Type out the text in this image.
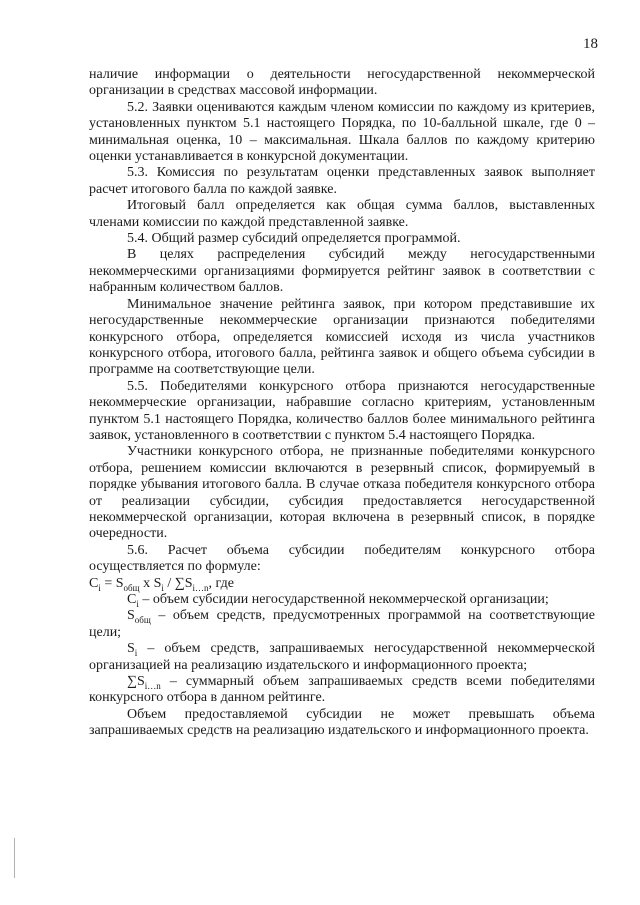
18

наличие информации о деятельности негосударственной некоммерческой организации в средствах массовой информации.

5.2. Заявки оцениваются каждым членом комиссии по каждому из критериев, установленных пунктом 5.1 настоящего Порядка, по 10-балльной шкале, где 0 – минимальная оценка, 10 – максимальная. Шкала баллов по каждому критерию оценки устанавливается в конкурсной документации.

5.3. Комиссия по результатам оценки представленных заявок выполняет расчет итогового балла по каждой заявке.

Итоговый балл определяется как общая сумма баллов, выставленных членами комиссии по каждой представленной заявке.

5.4. Общий размер субсидий определяется программой.

В целях распределения субсидий между негосударственными некоммерческими организациями формируется рейтинг заявок в соответствии с набранным количеством баллов.

Минимальное значение рейтинга заявок, при котором представившие их негосударственные некоммерческие организации признаются победителями конкурсного отбора, определяется комиссией исходя из числа участников конкурсного отбора, итогового балла, рейтинга заявок и общего объема субсидии в программе на соответствующие цели.

5.5. Победителями конкурсного отбора признаются негосударственные некоммерческие организации, набравшие согласно критериям, установленным пунктом 5.1 настоящего Порядка, количество баллов более минимального рейтинга заявок, установленного в соответствии с пунктом 5.4 настоящего Порядка.

Участники конкурсного отбора, не признанные победителями конкурсного отбора, решением комиссии включаются в резервный список, формируемый в порядке убывания итогового балла. В случае отказа победителя конкурсного отбора от реализации субсидии, субсидия предоставляется негосударственной некоммерческой организации, которая включена в резервный список, в порядке очередности.

5.6. Расчет объема субсидии победителям конкурсного отбора осуществляется по формуле:

$C_i = S_{общ}$ х $S_i / \sum S_{i\dots n}$, где

$C_i$ – объем субсидии негосударственной некоммерческой организации;

$S_{общ}$ – объем средств, предусмотренных программой на соответствующие цели;

$S_i$ – объем средств, запрашиваемых негосударственной некоммерческой организацией на реализацию издательского и информационного проекта;

$\sum S_{i\dots n}$ – суммарный объем запрашиваемых средств всеми победителями конкурсного отбора в данном рейтинге.

Объем предоставляемой субсидии не может превышать объема запрашиваемых средств на реализацию издательского и информационного проекта.
